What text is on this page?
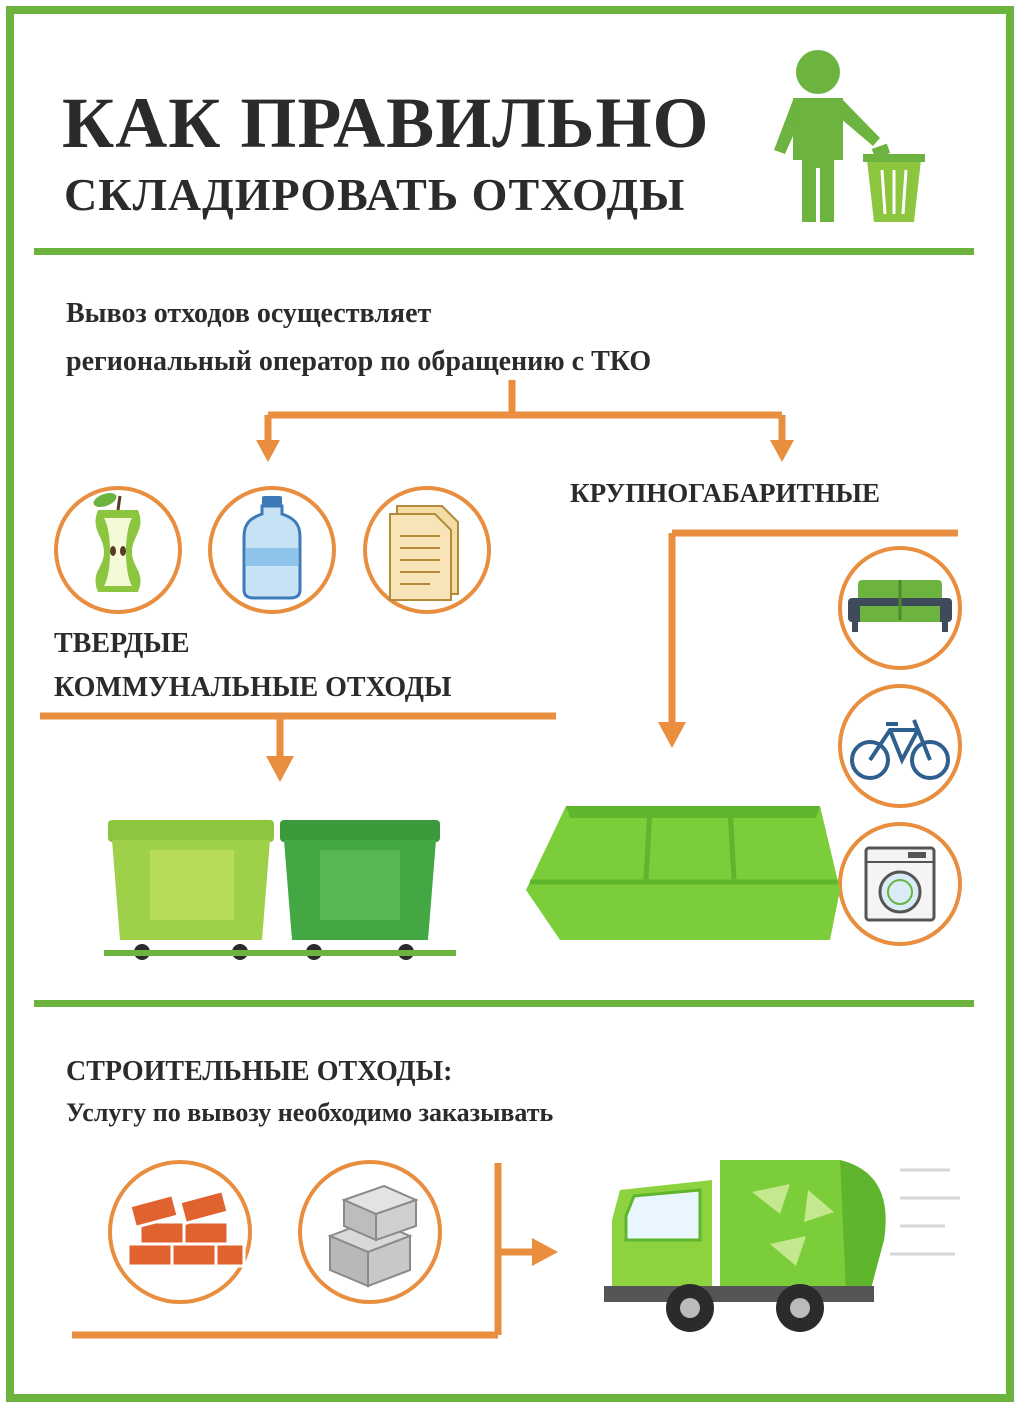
КАК ПРАВИЛЬНО
СКЛАДИРОВАТЬ ОТХОДЫ
Вывоз отходов осуществляет
региональный оператор по обращению с ТКО
КРУПНОГАБАРИТНЫЕ
ТВЕРДЫЕ
КОММУНАЛЬНЫЕ ОТХОДЫ
СТРОИТЕЛЬНЫЕ ОТХОДЫ:
Услугу по вывозу необходимо заказывать
